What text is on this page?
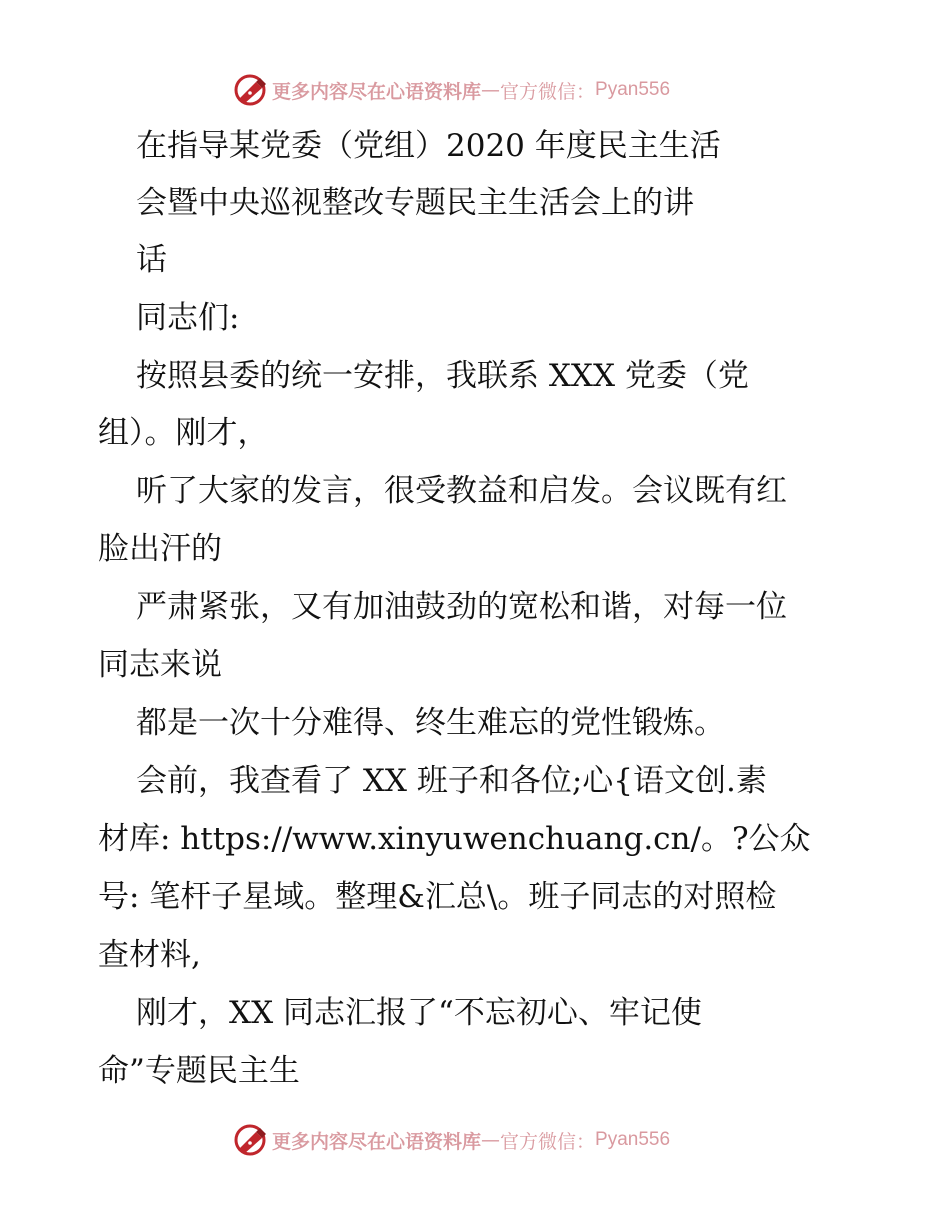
更多内容尽在心语资料库 — 官方微信： Pyan556
在指导某党委（党组）2020 年度民主生活
会暨中央巡视整改专题民主生活会上的讲
话
同志们:
按照县委的统一安排，我联系 XXX 党委（党
组）。刚才，
听了大家的发言，很受教益和启发。会议既有红
脸出汗的
严肃紧张，又有加油鼓劲的宽松和谐，对每一位
同志来说
都是一次十分难得、终生难忘的党性锻炼。
会前，我查看了 XX 班子和各位;心{语文创.素
材库: https://www.xinyuwenchuang.cn/。?公众
号: 笔杆子星域。整理&汇总\。班子同志的对照检
查材料,
刚才，XX 同志汇报了“不忘初心、牢记使
命”专题民主生
更多内容尽在心语资料库 — 官方微信： Pyan556
